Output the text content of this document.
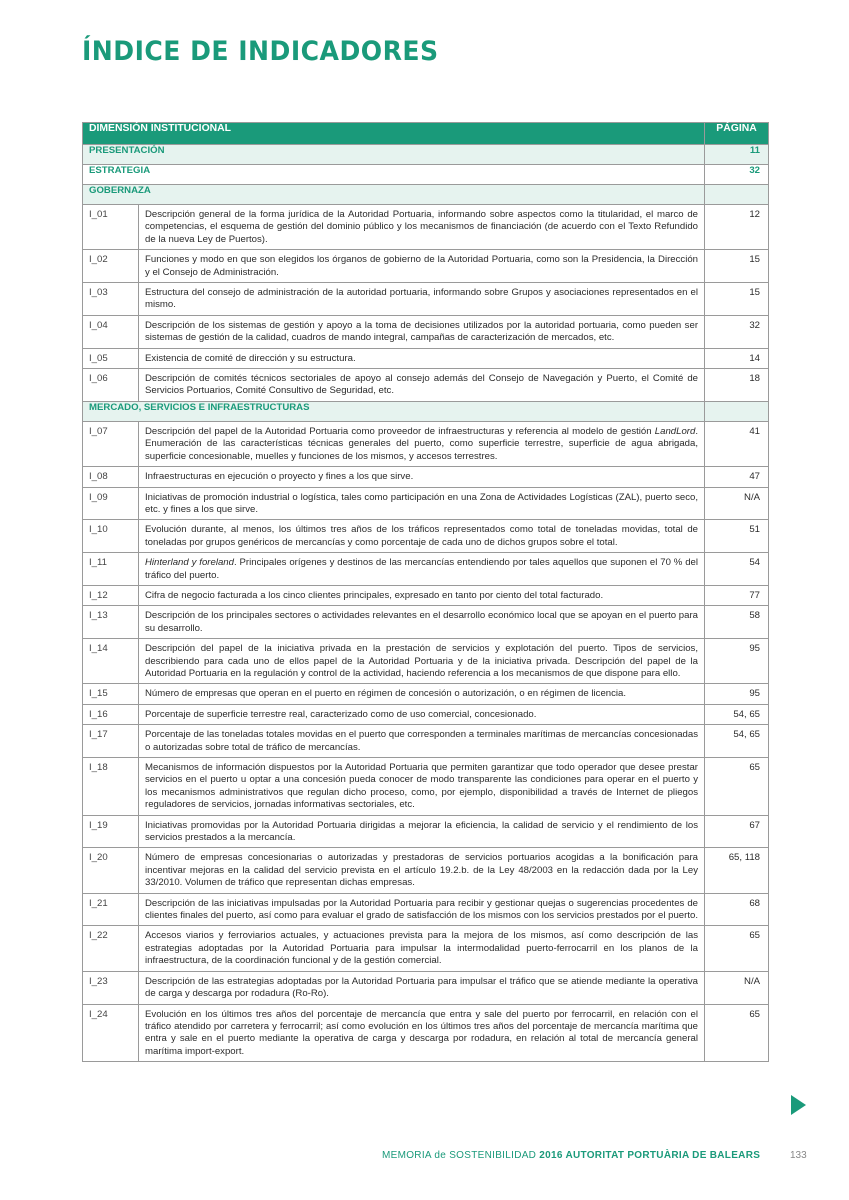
ÍNDICE DE INDICADORES
DIMENSIÓN INSTITUCIONAL		PÁGINA
PRESENTACIÓN		11
ESTRATEGIA		32
GOBERNAZA		
I_01	Descripción general de la forma jurídica de la Autoridad Portuaria, informando sobre aspectos como la titularidad, el marco de competencias, el esquema de gestión del dominio público y los mecanismos de financiación (de acuerdo con el Texto Refundido de la nueva Ley de Puertos).	12
I_02	Funciones y modo en que son elegidos los órganos de gobierno de la Autoridad Portuaria, como son la Presidencia, la Dirección y el Consejo de Administración.	15
I_03	Estructura del consejo de administración de la autoridad portuaria, informando sobre Grupos y asociaciones representados en el mismo.	15
I_04	Descripción de los sistemas de gestión y apoyo a la toma de decisiones utilizados por la autoridad portuaria, como pueden ser sistemas de gestión de la calidad, cuadros de mando integral, campañas de caracterización de mercados, etc.	32
I_05	Existencia de comité de dirección y su estructura.	14
I_06	Descripción de comités técnicos sectoriales de apoyo al consejo además del Consejo de Navegación y Puerto, el Comité de Servicios Portuarios, Comité Consultivo de Seguridad, etc.	18
MERCADO, SERVICIOS E INFRAESTRUCTURAS		
I_07	Descripción del papel de la Autoridad Portuaria como proveedor de infraestructuras y referencia al modelo de gestión LandLord. Enumeración de las características técnicas generales del puerto, como superficie terrestre, superficie de agua abrigada, superficie concesionable, muelles y funciones de los mismos, y accesos terrestres.	41
I_08	Infraestructuras en ejecución o proyecto y fines a los que sirve.	47
I_09	Iniciativas de promoción industrial o logística, tales como participación en una Zona de Actividades Logísticas (ZAL), puerto seco, etc. y fines a los que sirve.	N/A
I_10	Evolución durante, al menos, los últimos tres años de los tráficos representados como total de toneladas movidas, total de toneladas por grupos genéricos de mercancías y como porcentaje de cada uno de dichos grupos sobre el total.	51
I_11	Hinterland y foreland. Principales orígenes y destinos de las mercancías entendiendo por tales aquellos que suponen el 70 % del tráfico del puerto.	54
I_12	Cifra de negocio facturada a los cinco clientes principales, expresado en tanto por ciento del total facturado.	77
I_13	Descripción de los principales sectores o actividades relevantes en el desarrollo económico local que se apoyan en el puerto para su desarrollo.	58
I_14	Descripción del papel de la iniciativa privada en la prestación de servicios y explotación del puerto. Tipos de servicios, describiendo para cada uno de ellos papel de la Autoridad Portuaria y de la iniciativa privada. Descripción del papel de la Autoridad Portuaria en la regulación y control de la actividad, haciendo referencia a los mecanismos de que dispone para ello.	95
I_15	Número de empresas que operan en el puerto en régimen de concesión o autorización, o en régimen de licencia.	95
I_16	Porcentaje de superficie terrestre real, caracterizado como de uso comercial, concesionado.	54, 65
I_17	Porcentaje de las toneladas totales movidas en el puerto que corresponden a terminales marítimas de mercancías concesionadas o autorizadas sobre total de tráfico de mercancías.	54, 65
I_18	Mecanismos de información dispuestos por la Autoridad Portuaria que permiten garantizar que todo operador que desee prestar servicios en el puerto u optar a una concesión pueda conocer de modo transparente las condiciones para operar en el puerto y los mecanismos administrativos que regulan dicho proceso, como, por ejemplo, disponibilidad a través de Internet de pliegos reguladores de servicios, jornadas informativas sectoriales, etc.	65
I_19	Iniciativas promovidas por la Autoridad Portuaria dirigidas a mejorar la eficiencia, la calidad de servicio y el rendimiento de los servicios prestados a la mercancía.	67
I_20	Número de empresas concesionarias o autorizadas y prestadoras de servicios portuarios acogidas a la bonificación para incentivar mejoras en la calidad del servicio prevista en el artículo 19.2.b. de la Ley 48/2003 en la redacción dada por la Ley 33/2010. Volumen de tráfico que representan dichas empresas.	65, 118
I_21	Descripción de las iniciativas impulsadas por la Autoridad Portuaria para recibir y gestionar quejas o sugerencias procedentes de clientes finales del puerto, así como para evaluar el grado de satisfacción de los mismos con los servicios prestados por el puerto.	68
I_22	Accesos viarios y ferroviarios actuales, y actuaciones prevista para la mejora de los mismos, así como descripción de las estrategias adoptadas por la Autoridad Portuaria para impulsar la intermodalidad puerto-ferrocarril en los planos de la infraestructura, de la coordinación funcional y de la gestión comercial.	65
I_23	Descripción de las estrategias adoptadas por la Autoridad Portuaria para impulsar el tráfico que se atiende mediante la operativa de carga y descarga por rodadura (Ro-Ro).	N/A
I_24	Evolución en los últimos tres años del porcentaje de mercancía que entra y sale del puerto por ferrocarril, en relación con el tráfico atendido por carretera y ferrocarril; así como evolución en los últimos tres años del porcentaje de mercancía marítima que entra y sale en el puerto mediante la operativa de carga y descarga por rodadura, en relación al total de mercancía general marítima import-export.	65
MEMORIA de SOSTENIBILIDAD 2016 AUTORITAT PORTUÀRIA DE BALEARS	133
